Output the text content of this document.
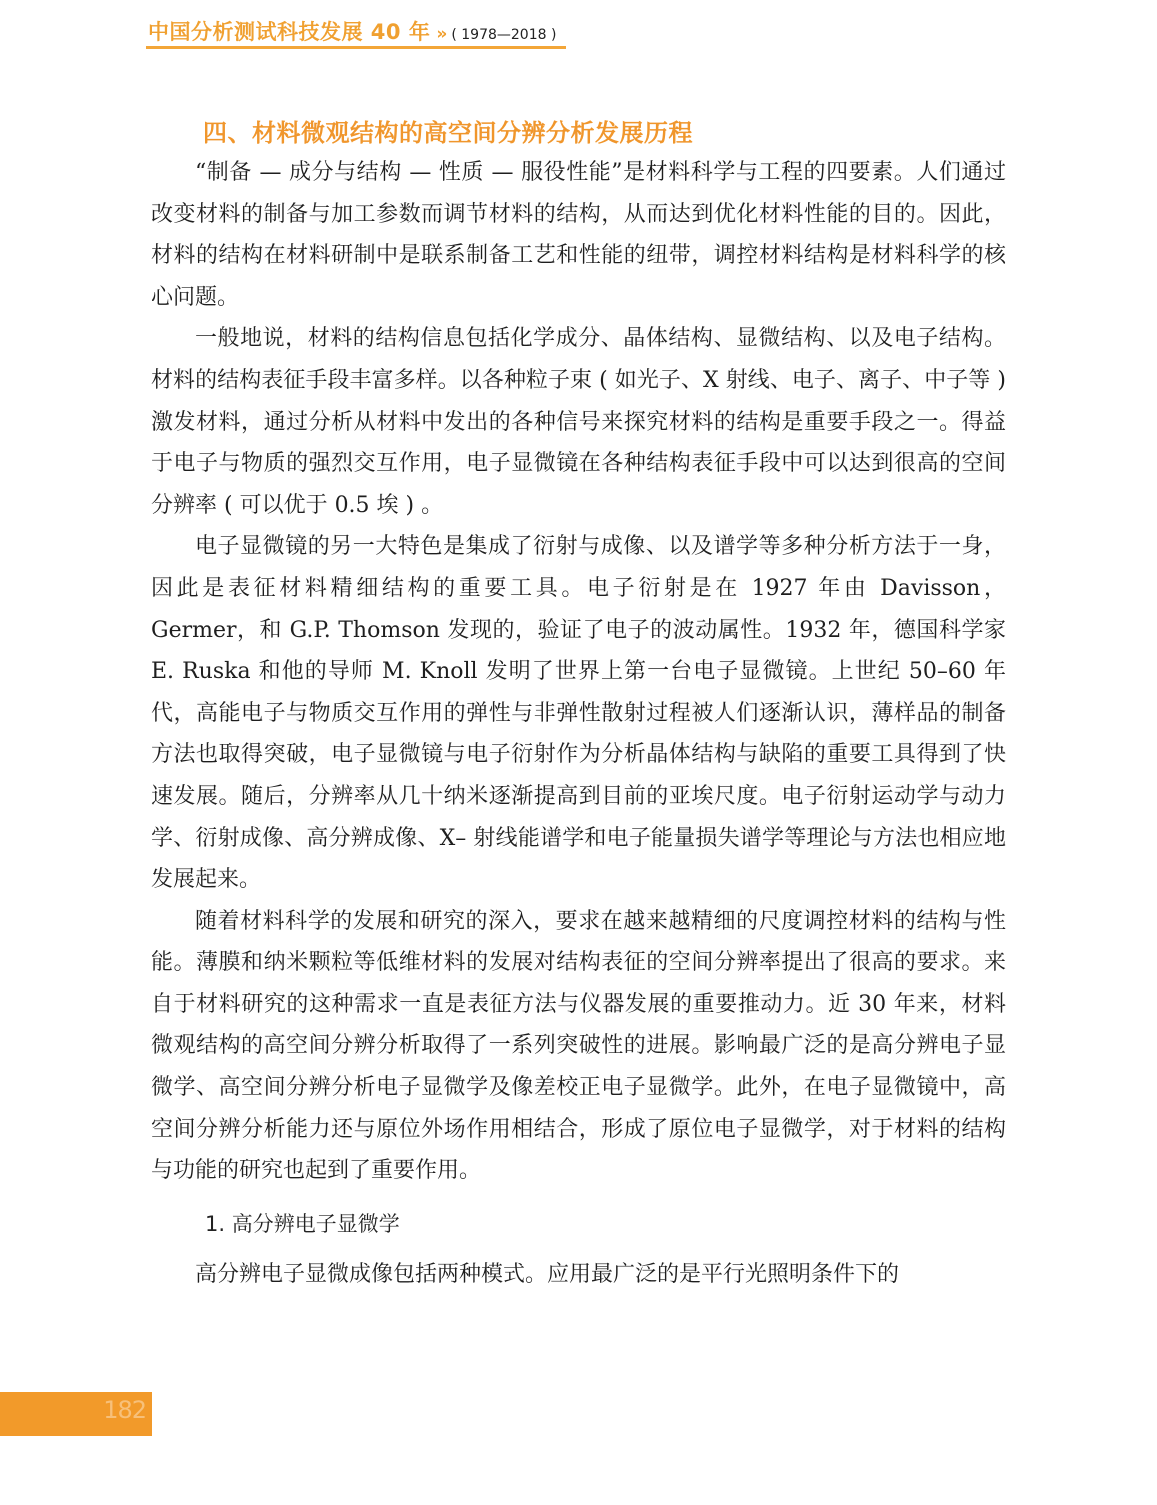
中国分析测试科技发展 40 年 » ( 1978—2018 )
四、材料微观结构的高空间分辨分析发展历程

“制备 — 成分与结构 — 性质 — 服役性能”是材料科学与工程的四要素。人们通过改变材料的制备与加工参数而调节材料的结构，从而达到优化材料性能的目的。因此，材料的结构在材料研制中是联系制备工艺和性能的纽带，调控材料结构是材料科学的核心问题。

一般地说，材料的结构信息包括化学成分、晶体结构、显微结构、以及电子结构。材料的结构表征手段丰富多样。以各种粒子束 ( 如光子、X 射线、电子、离子、中子等 ) 激发材料，通过分析从材料中发出的各种信号来探究材料的结构是重要手段之一。得益于电子与物质的强烈交互作用，电子显微镜在各种结构表征手段中可以达到很高的空间分辨率 ( 可以优于 0.5 埃 ) 。

电子显微镜的另一大特色是集成了衍射与成像、以及谱学等多种分析方法于一身，因此是表征材料精细结构的重要工具。电子衍射是在 1927 年由 Davisson，Germer，和 G.P. Thomson 发现的，验证了电子的波动属性。1932 年，德国科学家 E. Ruska 和他的导师 M. Knoll 发明了世界上第一台电子显微镜。上世纪 50–60 年代，高能电子与物质交互作用的弹性与非弹性散射过程被人们逐渐认识，薄样品的制备方法也取得突破，电子显微镜与电子衍射作为分析晶体结构与缺陷的重要工具得到了快速发展。随后，分辨率从几十纳米逐渐提高到目前的亚埃尺度。电子衍射运动学与动力学、衍射成像、高分辨成像、X– 射线能谱学和电子能量损失谱学等理论与方法也相应地发展起来。

随着材料科学的发展和研究的深入，要求在越来越精细的尺度调控材料的结构与性能。薄膜和纳米颗粒等低维材料的发展对结构表征的空间分辨率提出了很高的要求。来自于材料研究的这种需求一直是表征方法与仪器发展的重要推动力。近 30 年来，材料微观结构的高空间分辨分析取得了一系列突破性的进展。影响最广泛的是高分辨电子显微学、高空间分辨分析电子显微学及像差校正电子显微学。此外，在电子显微镜中，高空间分辨分析能力还与原位外场作用相结合，形成了原位电子显微学，对于材料的结构与功能的研究也起到了重要作用。

1. 高分辨电子显微学

高分辨电子显微成像包括两种模式。应用最广泛的是平行光照明条件下的

182
